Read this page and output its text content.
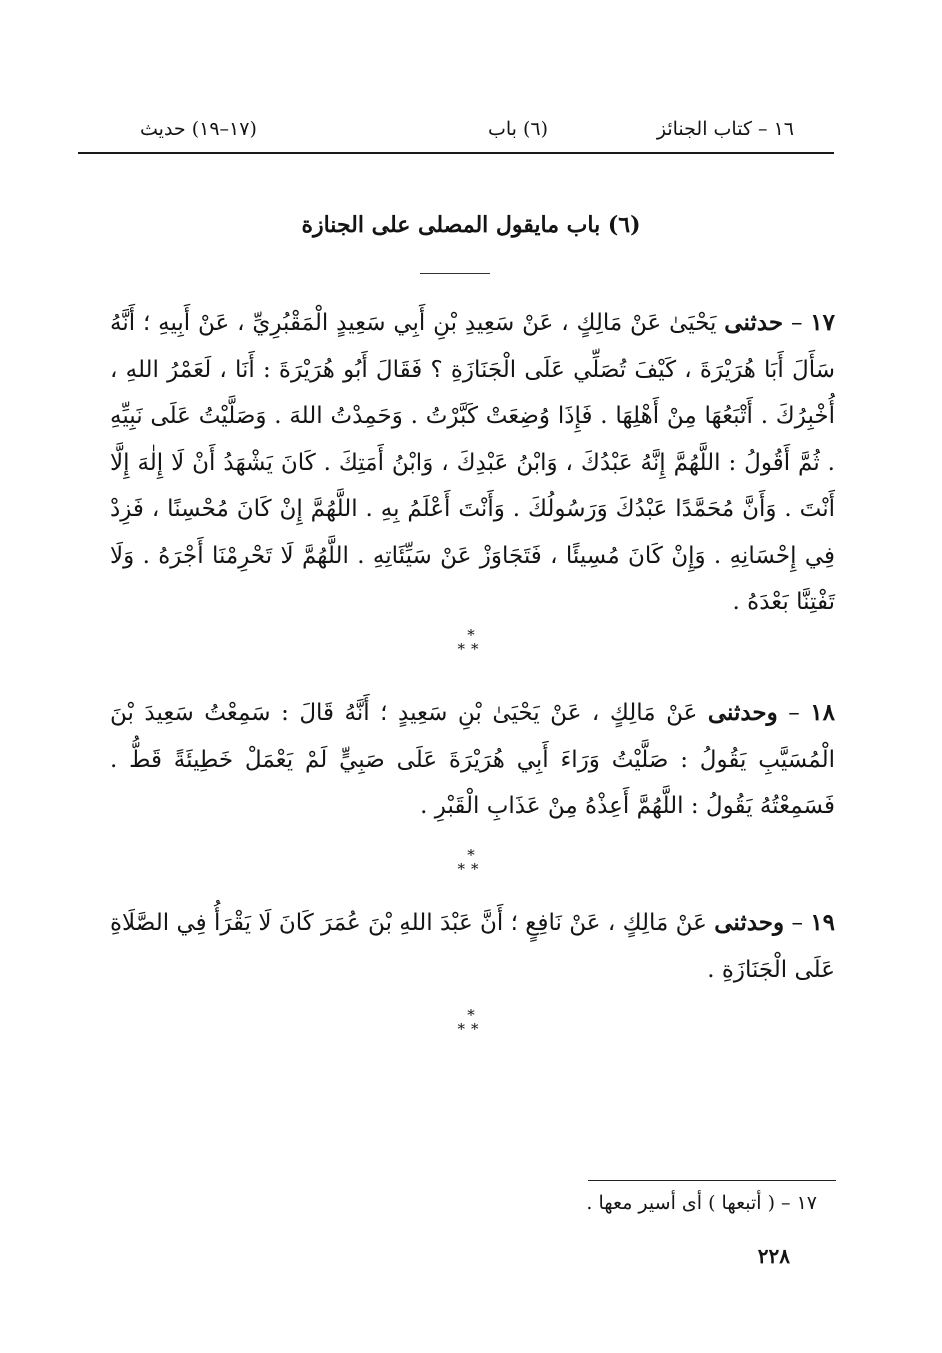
١٦ – كتاب الجنائز
(٦) باب
(١٧–١٩) حديث
(٦) باب مايقول المصلى على الجنازة

١٧ – حدثنى يَحْيَىٰ عَنْ مَالِكٍ ، عَنْ سَعِيدِ بْنِ أَبِي سَعِيدٍ الْمَقْبُرِيِّ ، عَنْ أَبِيهِ ؛ أَنَّهُ سَأَلَ أَبَا هُرَيْرَةَ ، كَيْفَ تُصَلِّي عَلَى الْجَنَازَةِ ؟ فَقَالَ أَبُو هُرَيْرَةَ : أَنَا ، لَعَمْرُ اللهِ ، أُخْبِرُكَ . أَتْبَعُهَا مِنْ أَهْلِهَا . فَإِذَا وُضِعَتْ كَبَّرْتُ . وَحَمِدْتُ اللهَ . وَصَلَّيْتُ عَلَى نَبِيِّهِ . ثُمَّ أَقُولُ : اللَّهُمَّ إِنَّهُ عَبْدُكَ ، وَابْنُ عَبْدِكَ ، وَابْنُ أَمَتِكَ . كَانَ يَشْهَدُ أَنْ لَا إِلٰهَ إِلَّا أَنْتَ . وَأَنَّ مُحَمَّدًا عَبْدُكَ وَرَسُولُكَ . وَأَنْتَ أَعْلَمُ بِهِ . اللَّهُمَّ إِنْ كَانَ مُحْسِنًا ، فَزِدْ فِي إِحْسَانِهِ . وَإِنْ كَانَ مُسِيئًا ، فَتَجَاوَزْ عَنْ سَيِّئَاتِهِ . اللَّهُمَّ لَا تَحْرِمْنَا أَجْرَهُ . وَلَا تَفْتِنَّا بَعْدَهُ .

*
**

١٨ – وحدثنى عَنْ مَالِكٍ ، عَنْ يَحْيَىٰ بْنِ سَعِيدٍ ؛ أَنَّهُ قَالَ : سَمِعْتُ سَعِيدَ بْنَ الْمُسَيَّبِ يَقُولُ : صَلَّيْتُ وَرَاءَ أَبِي هُرَيْرَةَ عَلَى صَبِيٍّ لَمْ يَعْمَلْ خَطِيئَةً قَطُّ . فَسَمِعْتُهُ يَقُولُ : اللَّهُمَّ أَعِذْهُ مِنْ عَذَابِ الْقَبْرِ .

*
**

١٩ – وحدثنى عَنْ مَالِكٍ ، عَنْ نَافِعٍ ؛ أَنَّ عَبْدَ اللهِ بْنَ عُمَرَ كَانَ لَا يَقْرَأُ فِي الصَّلَاةِ عَلَى الْجَنَازَةِ .

*
**
١٧ – ( أتبعها ) أى أسير معها .
٢٢٨
